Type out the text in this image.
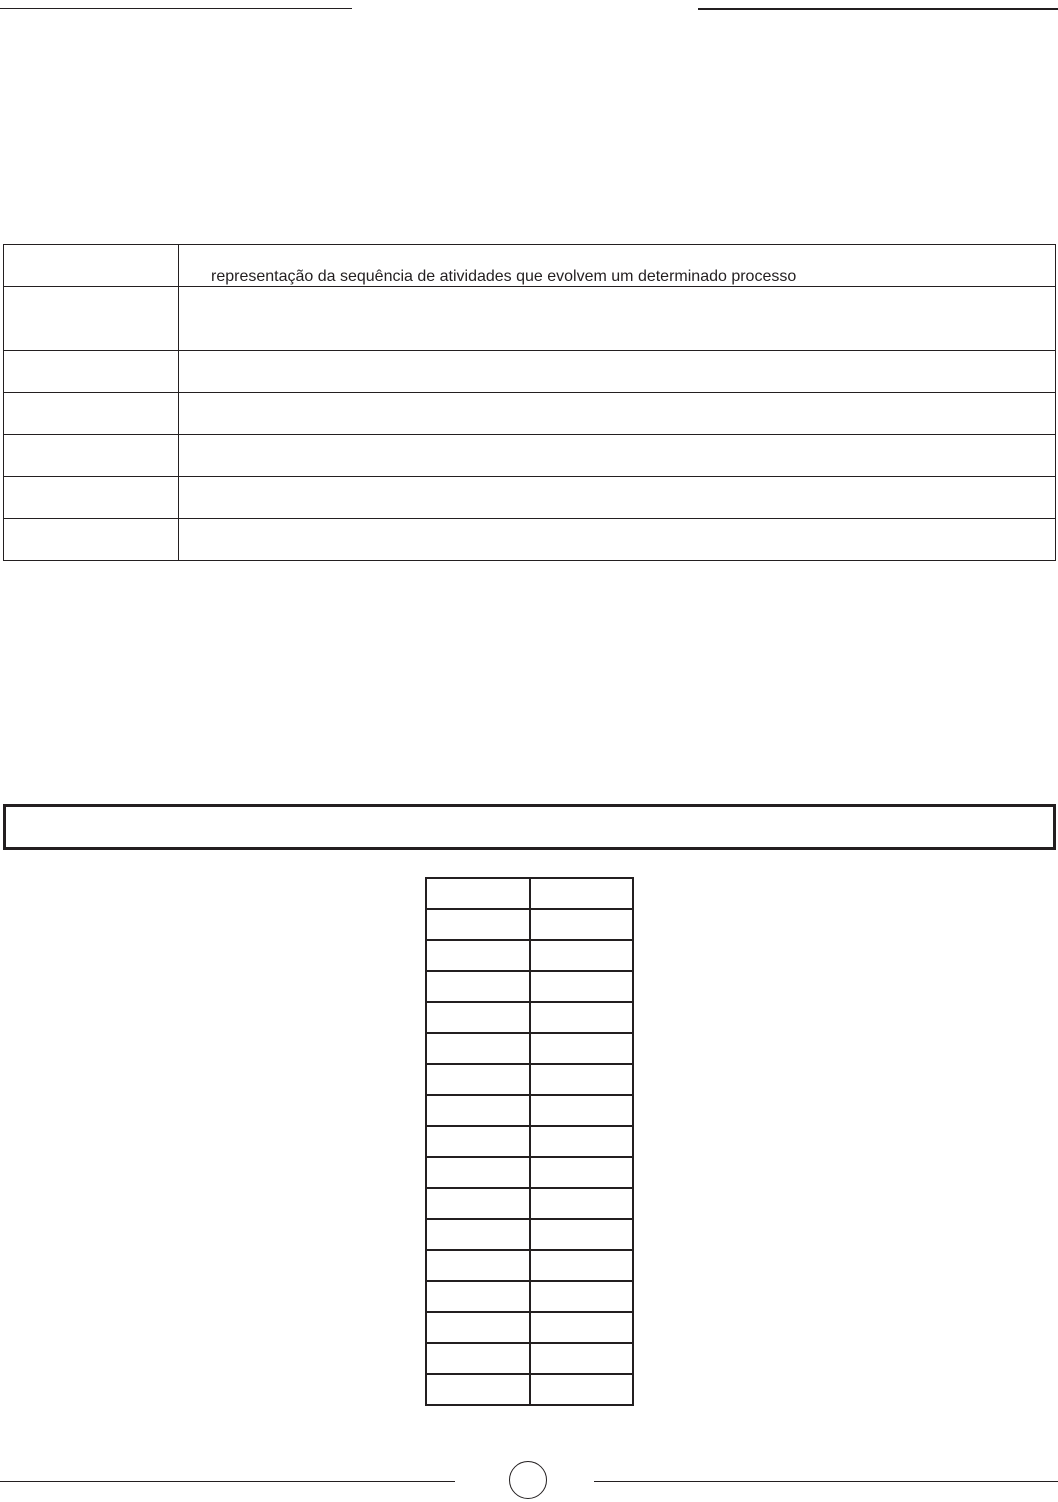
	representação da sequência de atividades que evolvem um determinado processo
